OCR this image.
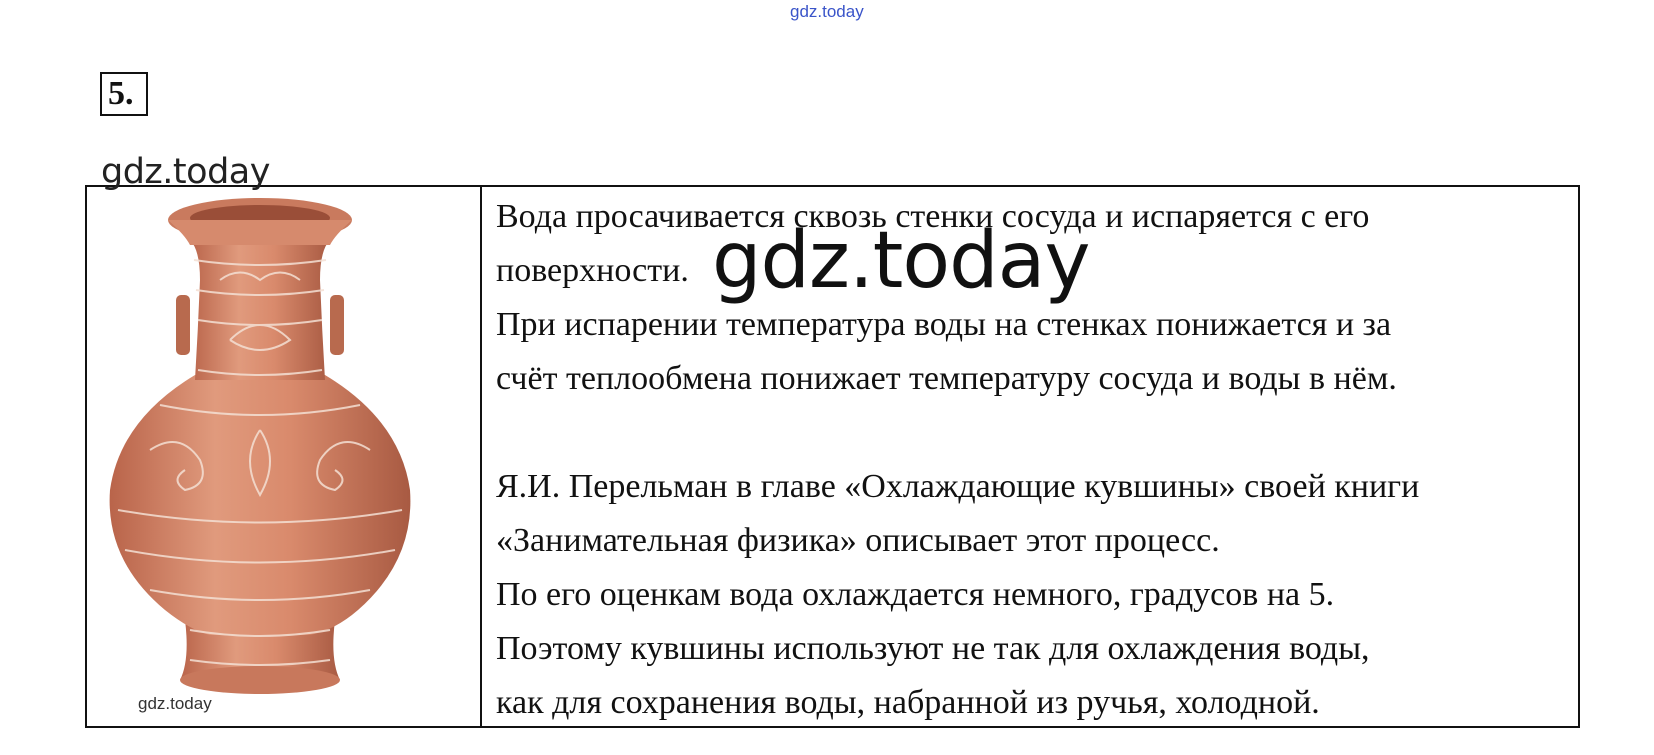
gdz.today
5.
gdz.today
gdz.today
Вода просачивается сквозь стенки сосуда и испаряется с его
поверхности.
При испарении температура воды на стенках понижается и за
счёт теплообмена понижает температуру сосуда и воды в нём.
Я.И. Перельман в главе «Охлаждающие кувшины» своей книги
«Занимательная физика» описывает этот процесс.
По его оценкам вода охлаждается немного, градусов на 5.
Поэтому кувшины используют не так для охлаждения воды,
как для сохранения воды, набранной из ручья, холодной.
gdz.today
